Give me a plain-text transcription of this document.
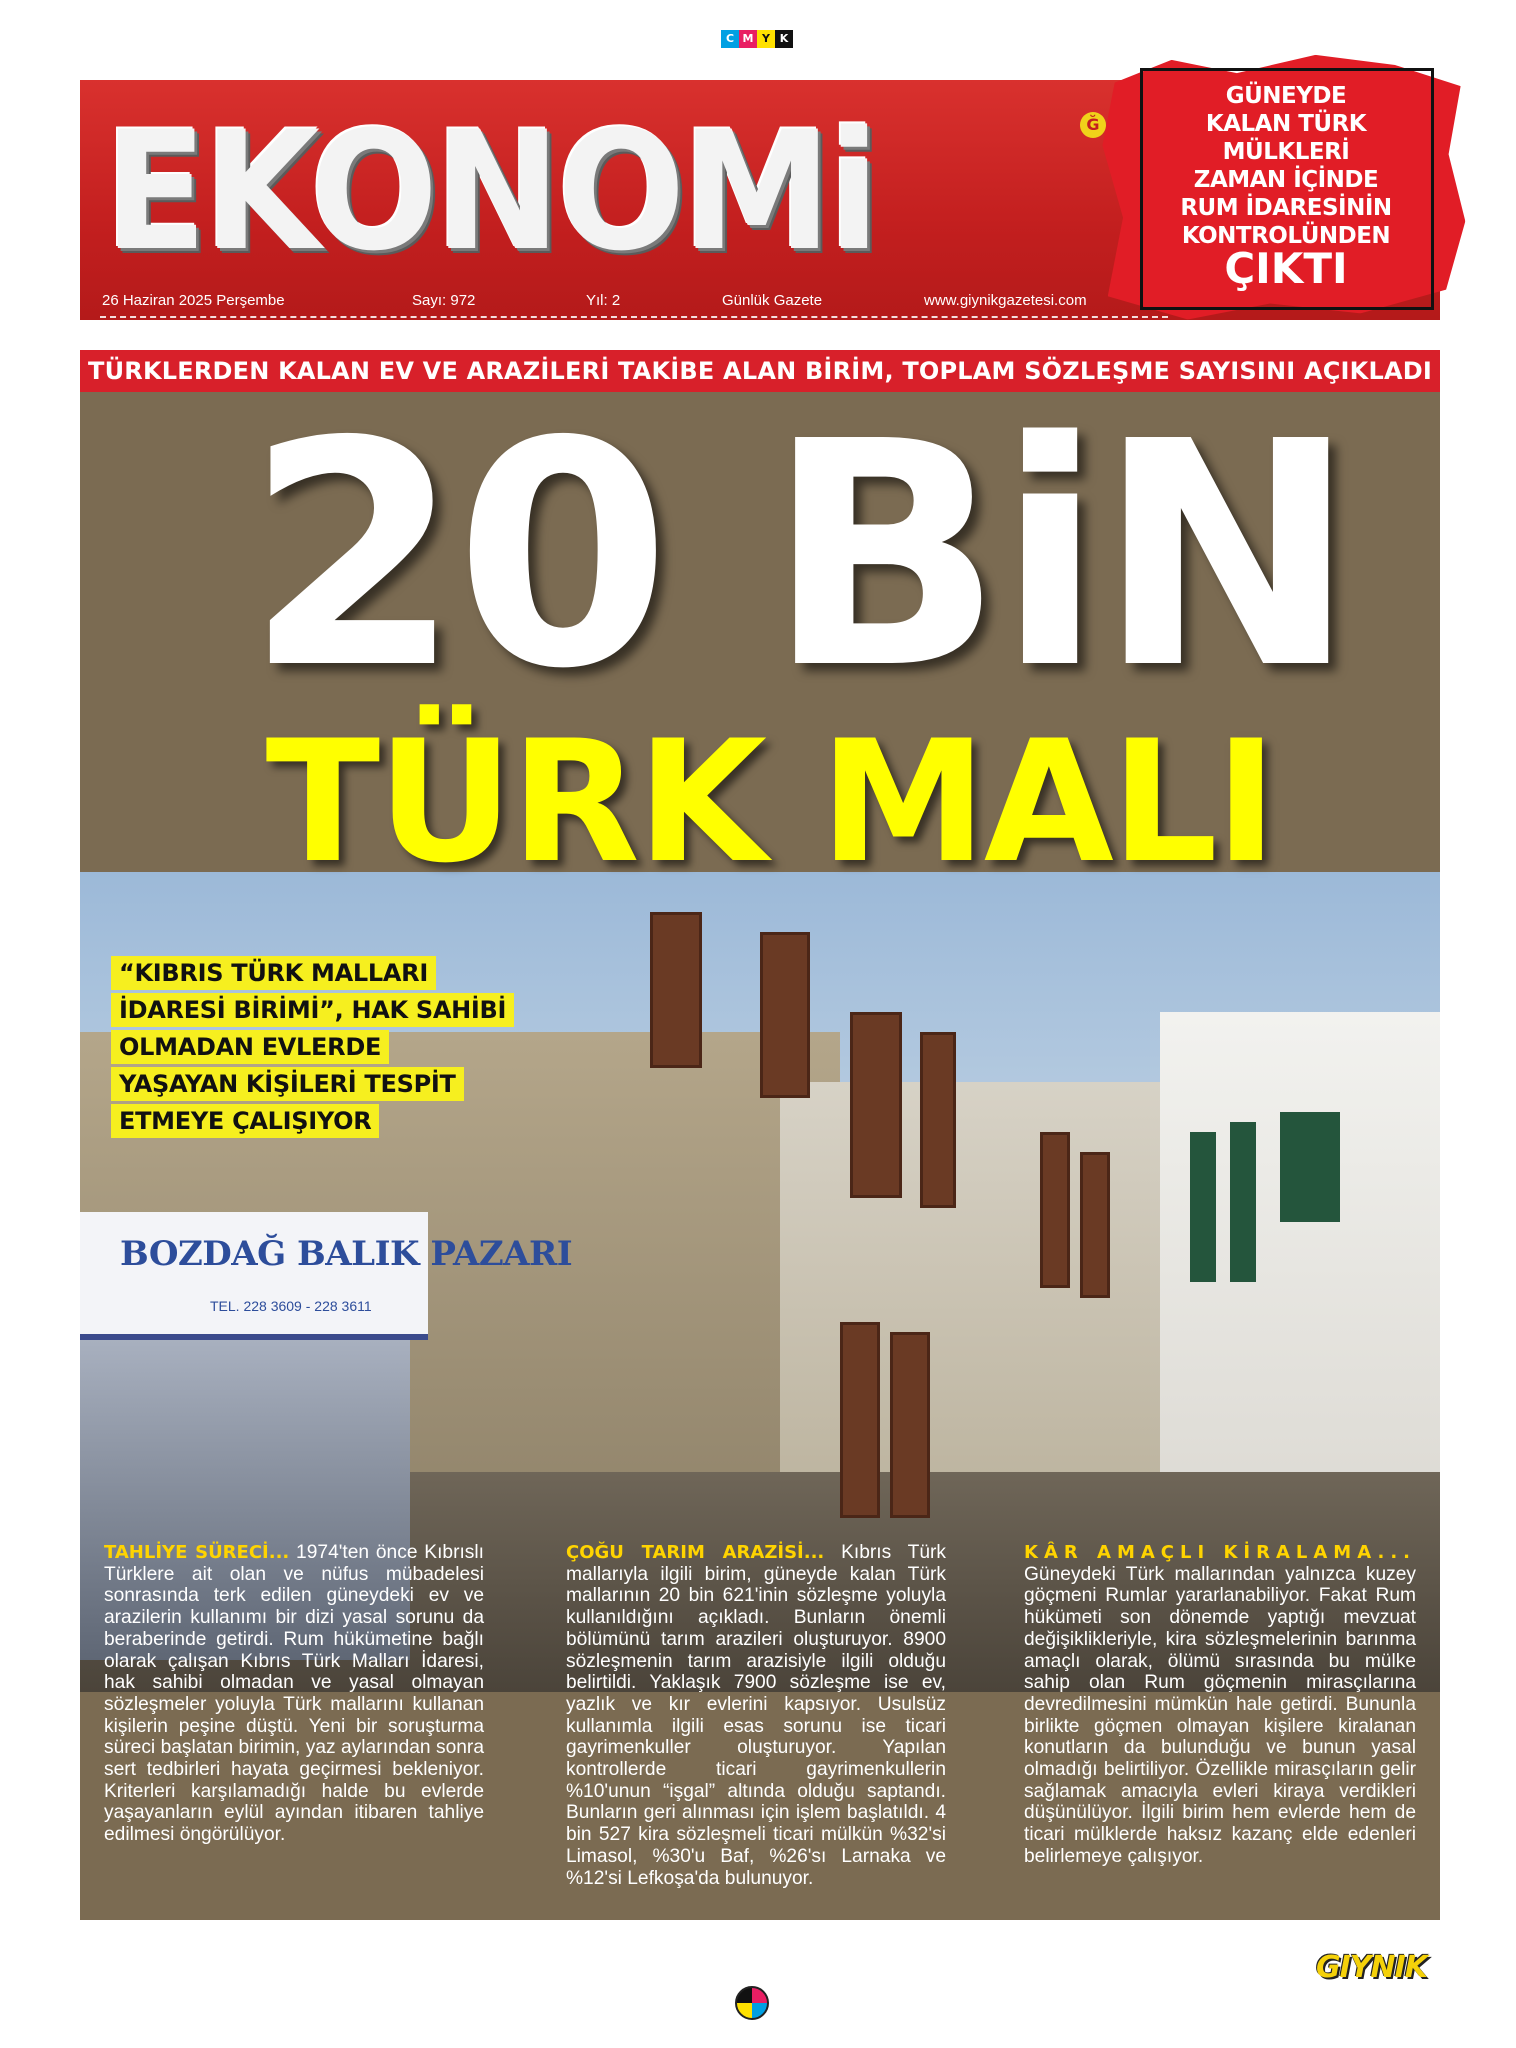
C M Y K
EKONOMi	Ğ
26 Haziran 2025 Perşembe	Sayı: 972	Yıl: 2	Günlük Gazete	www.giynikgazetesi.com
GÜNEYDE
KALAN TÜRK
MÜLKLERİ
ZAMAN İÇİNDE
RUM İDARESİNİN
KONTROLÜNDEN
ÇIKTI
TÜRKLERDEN KALAN EV VE ARAZİLERİ TAKİBE ALAN BİRİM, TOPLAM SÖZLEŞME SAYISINI AÇIKLADI
BOZDAĞ BALIK PAZARI
TEL. 228 3609 - 228 3611
20 BiN
TÜRK MALI
“KIBRIS TÜRK MALLARI
İDARESİ BİRİMİ”, HAK SAHİBİ
OLMADAN EVLERDE
YAŞAYAN KİŞİLERİ TESPİT
ETMEYE ÇALIŞIYOR
TAHLİYE SÜRECİ... 1974'ten önce Kıbrıslı Türklere ait olan ve nüfus mübadelesi sonrasında terk edilen güneydeki ev ve arazilerin kullanımı bir dizi yasal sorunu da beraberinde getirdi. Rum hükümetine bağlı olarak çalışan Kıbrıs Türk Malları İdaresi, hak sahibi olmadan ve yasal olmayan sözleşmeler yoluyla Türk mallarını kullanan kişilerin peşine düştü. Yeni bir soruşturma süreci başlatan birimin, yaz aylarından sonra sert tedbirleri hayata geçirmesi bekleniyor. Kriterleri karşılamadığı halde bu evlerde yaşayanların eylül ayından itibaren tahliye edilmesi öngörülüyor.
ÇOĞU TARIM ARAZİSİ... Kıbrıs Türk mallarıyla ilgili birim, güneyde kalan Türk mallarının 20 bin 621'inin sözleşme yoluyla kullanıldığını açıkladı. Bunların önemli bölümünü tarım arazileri oluşturuyor. 8900 sözleşmenin tarım arazisiyle ilgili olduğu belirtildi. Yaklaşık 7900 sözleşme ise ev, yazlık ve kır evlerini kapsıyor. Usulsüz kullanımla ilgili esas sorunu ise ticari gayrimenkuller oluşturuyor. Yapılan kontrollerde ticari gayrimenkullerin %10'unun “işgal” altında olduğu saptandı. Bunların geri alınması için işlem başlatıldı. 4 bin 527 kira sözleşmeli ticari mülkün %32'si Limasol, %30'u Baf, %26'sı Larnaka ve %12'si Lefkoşa'da bulunuyor.
KÂR AMAÇLI KİRALAMA... Güneydeki Türk mallarından yalnızca kuzey göçmeni Rumlar yararlanabiliyor. Fakat Rum hükümeti son dönemde yaptığı mevzuat değişiklikleriyle, kira sözleşmelerinin barınma amaçlı olarak, ölümü sırasında bu mülke sahip olan Rum göçmenin mirasçılarına devredilmesini mümkün hale getirdi. Bununla birlikte göçmen olmayan kişilere kiralanan konutların da bulunduğu ve bunun yasal olmadığı belirtiliyor. Özellikle mirasçıların gelir sağlamak amacıyla evleri kiraya verdikleri düşünülüyor. İlgili birim hem evlerde hem de ticari mülklerde haksız kazanç elde edenleri belirlemeye çalışıyor.
GIYNIK
